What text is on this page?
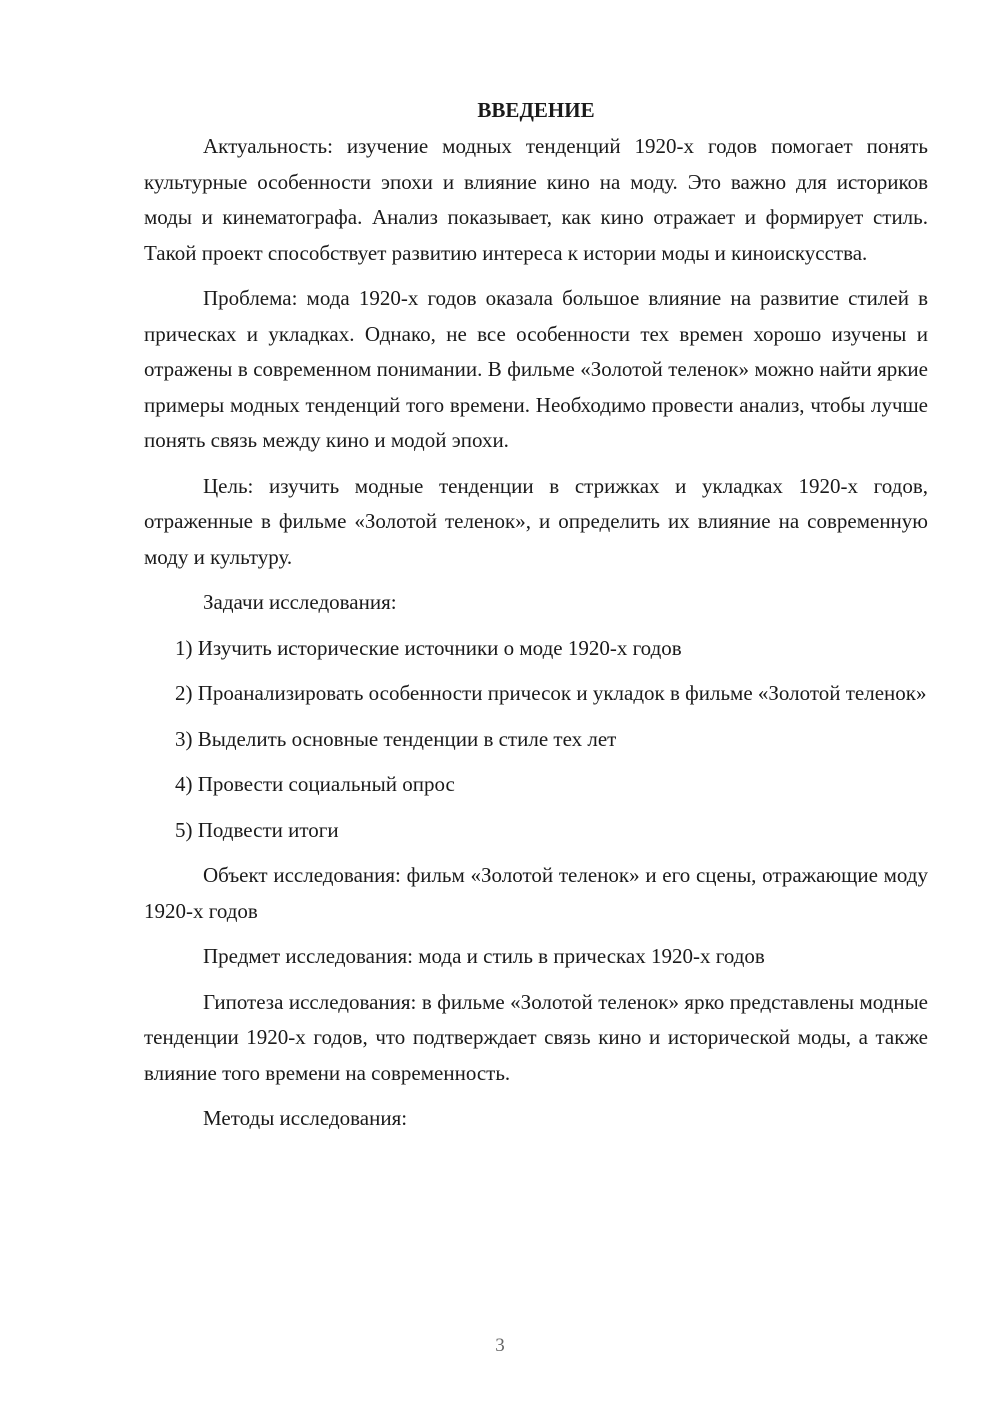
ВВЕДЕНИЕ

Актуальность: изучение модных тенденций 1920-х годов помогает понять культурные особенности эпохи и влияние кино на моду. Это важно для историков моды и кинематографа. Анализ показывает, как кино отражает и формирует стиль. Такой проект способствует развитию интереса к истории моды и киноискусства.

Проблема: мода 1920-х годов оказала большое влияние на развитие стилей в прическах и укладках. Однако, не все особенности тех времен хорошо изучены и отражены в современном понимании. В фильме «Золотой теленок» можно найти яркие примеры модных тенденций того времени. Необходимо провести анализ, чтобы лучше понять связь между кино и модой эпохи.

Цель: изучить модные тенденции в стрижках и укладках 1920-х годов, отраженные в фильме «Золотой теленок», и определить их влияние на современную моду и культуру.

Задачи исследования:

1) Изучить исторические источники о моде 1920-х годов

2) Проанализировать особенности причесок и укладок в фильме «Золотой теленок»

3) Выделить основные тенденции в стиле тех лет

4) Провести социальный опрос

5) Подвести итоги

Объект исследования: фильм «Золотой теленок» и его сцены, отражающие моду 1920-х годов

Предмет исследования: мода и стиль в прическах 1920-х годов

Гипотеза исследования: в фильме «Золотой теленок» ярко представлены модные тенденции 1920-х годов, что подтверждает связь кино и исторической моды, а также влияние того времени на современность.

Методы исследования:

3
